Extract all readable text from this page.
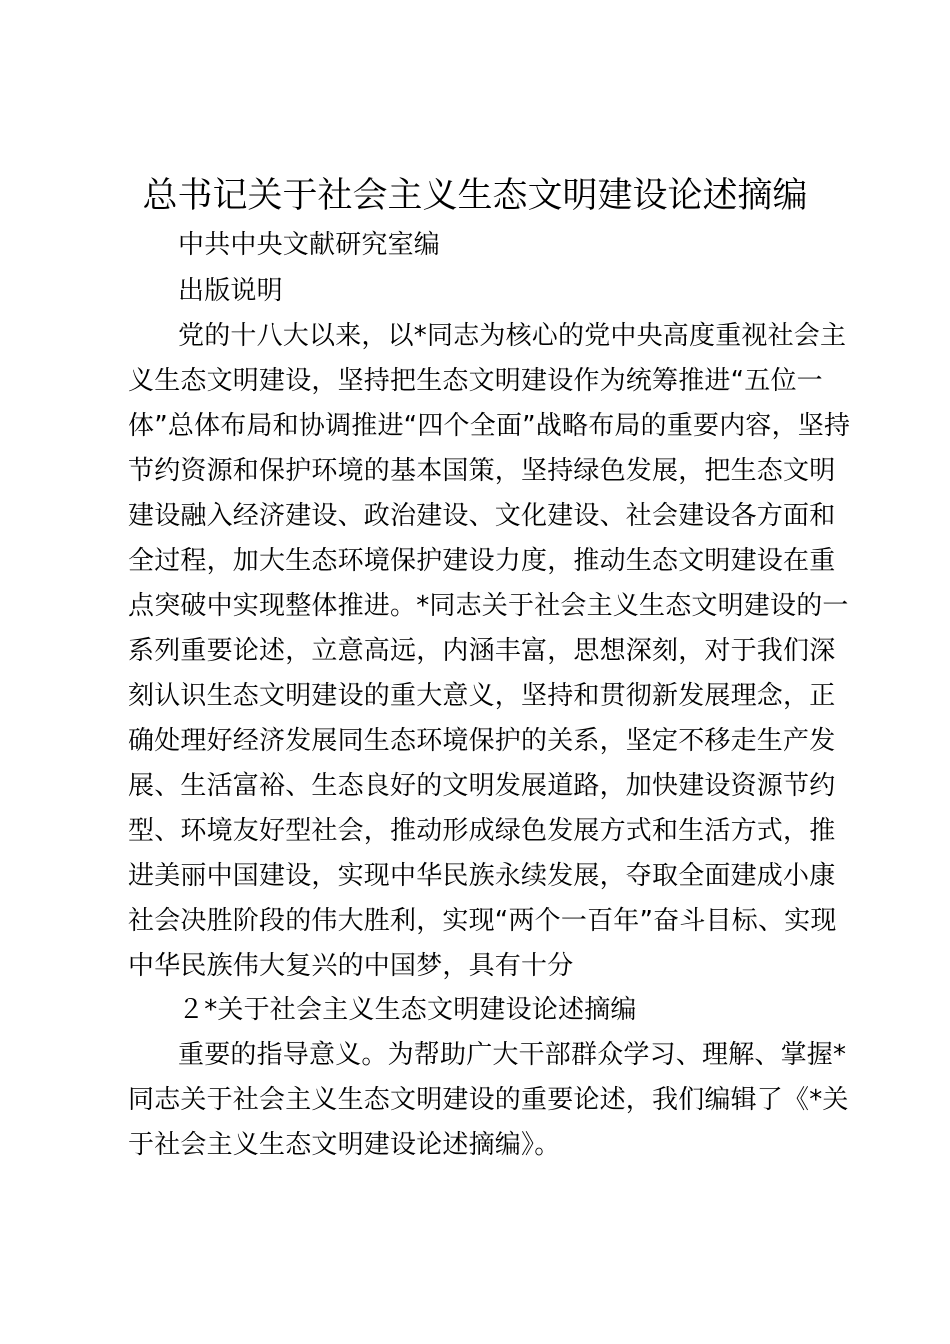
总书记关于社会主义生态文明建设论述摘编
中共中央文献研究室编
出版说明
党的十八大以来，以*同志为核心的党中央高度重视社会主
义生态文明建设，坚持把生态文明建设作为统筹推进“五位一
体”总体布局和协调推进“四个全面”战略布局的重要内容，坚持
节约资源和保护环境的基本国策，坚持绿色发展，把生态文明
建设融入经济建设、政治建设、文化建设、社会建设各方面和
全过程，加大生态环境保护建设力度，推动生态文明建设在重
点突破中实现整体推进。*同志关于社会主义生态文明建设的一
系列重要论述，立意高远，内涵丰富，思想深刻，对于我们深
刻认识生态文明建设的重大意义，坚持和贯彻新发展理念，正
确处理好经济发展同生态环境保护的关系，坚定不移走生产发
展、生活富裕、生态良好的文明发展道路，加快建设资源节约
型、环境友好型社会，推动形成绿色发展方式和生活方式，推
进美丽中国建设，实现中华民族永续发展，夺取全面建成小康
社会决胜阶段的伟大胜利，实现“两个一百年”奋斗目标、实现
中华民族伟大复兴的中国梦，具有十分
２*关于社会主义生态文明建设论述摘编
重要的指导意义。为帮助广大干部群众学习、理解、掌握*
同志关于社会主义生态文明建设的重要论述，我们编辑了《*关
于社会主义生态文明建设论述摘编》。
